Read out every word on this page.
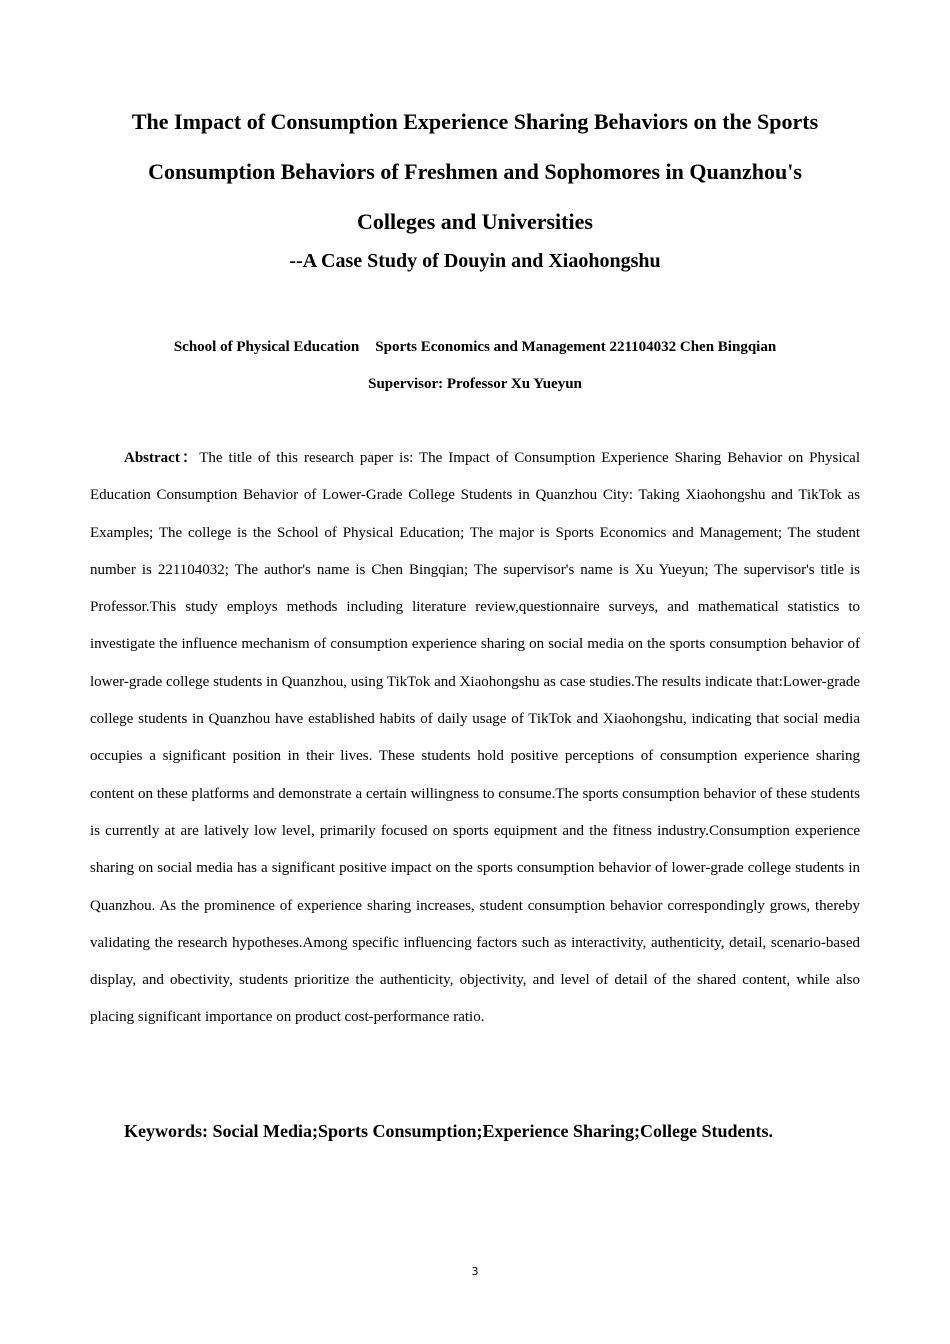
The Impact of Consumption Experience Sharing Behaviors on the Sports
Consumption Behaviors of Freshmen and Sophomores in Quanzhou's
Colleges and Universities
--A Case Study of Douyin and Xiaohongshu
School of Physical Education Sports Economics and Management 221104032 Chen Bingqian
Supervisor: Professor Xu Yueyun
Abstract：The title of this research paper is: The Impact of Consumption Experience Sharing Behavior on Physical Education Consumption Behavior of Lower-Grade College Students in Quanzhou City: Taking Xiaohongshu and TikTok as Examples; The college is the School of Physical Education; The major is Sports Economics and Management; The student number is 221104032; The author's name is Chen Bingqian; The supervisor's name is Xu Yueyun; The supervisor's title is Professor.This study employs methods including literature review,questionnaire surveys, and mathematical statistics to investigate the influence mechanism of consumption experience sharing on social media on the sports consumption behavior of lower-grade college students in Quanzhou, using TikTok and Xiaohongshu as case studies.The results indicate that:Lower-grade college students in Quanzhou have established habits of daily usage of TikTok and Xiaohongshu, indicating that social media occupies a significant position in their lives. These students hold positive perceptions of consumption experience sharing content on these platforms and demonstrate a certain willingness to consume.The sports consumption behavior of these students is currently at are latively low level, primarily focused on sports equipment and the fitness industry.Consumption experience sharing on social media has a significant positive impact on the sports consumption behavior of lower-grade college students in Quanzhou. As the prominence of experience sharing increases, student consumption behavior correspondingly grows, thereby validating the research hypotheses.Among specific influencing factors such as interactivity, authenticity, detail, scenario-based display, and obectivity, students prioritize the authenticity, objectivity, and level of detail of the shared content, while also placing significant importance on product cost-performance ratio.
Keywords: Social Media;Sports Consumption;Experience Sharing;College Students.
3
